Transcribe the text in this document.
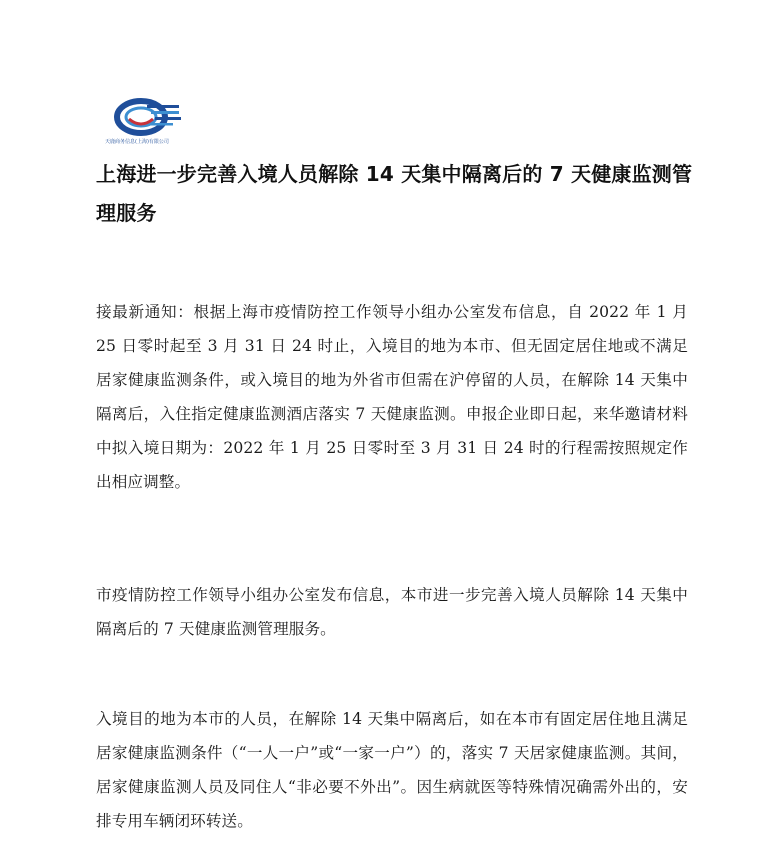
天鹿商务信息(上海)有限公司
上海进一步完善入境人员解除 14 天集中隔离后的 7 天健康监测管理服务

接最新通知：根据上海市疫情防控工作领导小组办公室发布信息，自 2022 年 1 月 25 日零时起至 3 月 31 日 24 时止，入境目的地为本市、但无固定居住地或不满足居家健康监测条件，或入境目的地为外省市但需在沪停留的人员，在解除 14 天集中隔离后，入住指定健康监测酒店落实 7 天健康监测。申报企业即日起，来华邀请材料中拟入境日期为：2022 年 1 月 25 日零时至 3 月 31 日 24 时的行程需按照规定作出相应调整。

市疫情防控工作领导小组办公室发布信息，本市进一步完善入境人员解除 14 天集中隔离后的 7 天健康监测管理服务。

入境目的地为本市的人员，在解除 14 天集中隔离后，如在本市有固定居住地且满足居家健康监测条件（“一人一户”或“一家一户”）的，落实 7 天居家健康监测。其间，居家健康监测人员及同住人“非必要不外出”。因生病就医等特殊情况确需外出的，安排专用车辆闭环转送。
